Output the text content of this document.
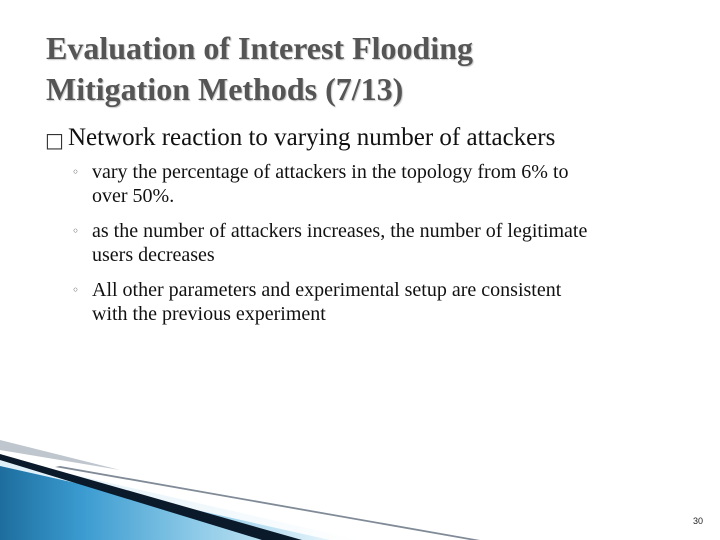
Evaluation of Interest Flooding
Mitigation Methods (7/13)
□ Network reaction to varying number of attackers
◦ vary the percentage of attackers in the topology from 6% to
over 50%.
◦ as the number of attackers increases, the number of legitimate
users decreases
◦ All other parameters and experimental setup are consistent
with the previous experiment
30
